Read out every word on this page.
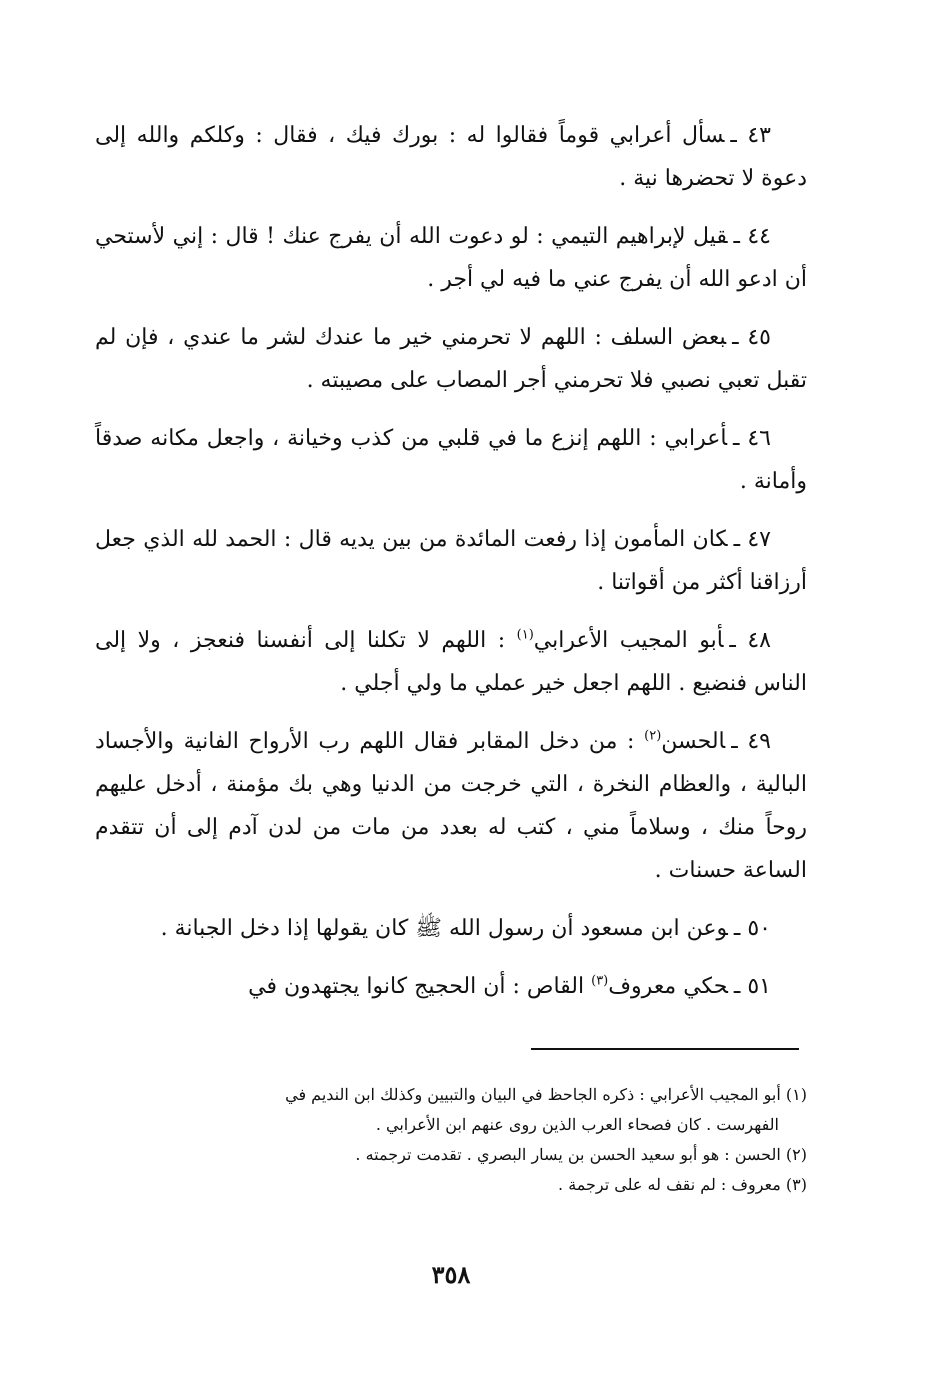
٤٣ ـسأل أعرابي قوماً فقالوا له : بورك فيك ، فقال : وكلكم والله إلى دعوة لا تحضرها نية .

٤٤ ـقيل لإبراهيم التيمي : لو دعوت الله أن يفرج عنك ! قال : إني لأستحي أن ادعو الله أن يفرج عني ما فيه لي أجر .

٤٥ ـبعض السلف : اللهم لا تحرمني خير ما عندك لشر ما عندي ، فإن لم تقبل تعبي نصبي فلا تحرمني أجر المصاب على مصيبته .

٤٦ ـأعرابي : اللهم إنزع ما في قلبي من كذب وخيانة ، واجعل مكانه صدقاً وأمانة .

٤٧ ـكان المأمون إذا رفعت المائدة من بين يديه قال : الحمد لله الذي جعل أرزاقنا أكثر من أقواتنا .

٤٨ ـأبو المجيب الأعرابي$^{(١)}$ : اللهم لا تكلنا إلى أنفسنا فنعجز ، ولا إلى الناس فنضيع . اللهم اجعل خير عملي ما ولي أجلي .

٤٩ ـالحسن$^{(٢)}$ : من دخل المقابر فقال اللهم رب الأرواح الفانية والأجساد البالية ، والعظام النخرة ، التي خرجت من الدنيا وهي بك مؤمنة ، أدخل عليهم روحاً منك ، وسلاماً مني ، كتب له بعدد من مات من لدن آدم إلى أن تتقدم الساعة حسنات .

٥٠ ـوعن ابن مسعود أن رسول الله ﷺ كان يقولها إذا دخل الجبانة .

٥١ ـحكي معروف$^{(٣)}$ القاص : أن الحجيج كانوا يجتهدون في

(١) أبو المجيب الأعرابي : ذكره الجاحظ في البيان والتبيين وكذلك ابن النديم في
الفهرست . كان فصحاء العرب الذين روى عنهم ابن الأعرابي .

(٢) الحسن : هو أبو سعيد الحسن بن يسار البصري . تقدمت ترجمته .

(٣) معروف : لم نقف له على ترجمة .

٣٥٨
